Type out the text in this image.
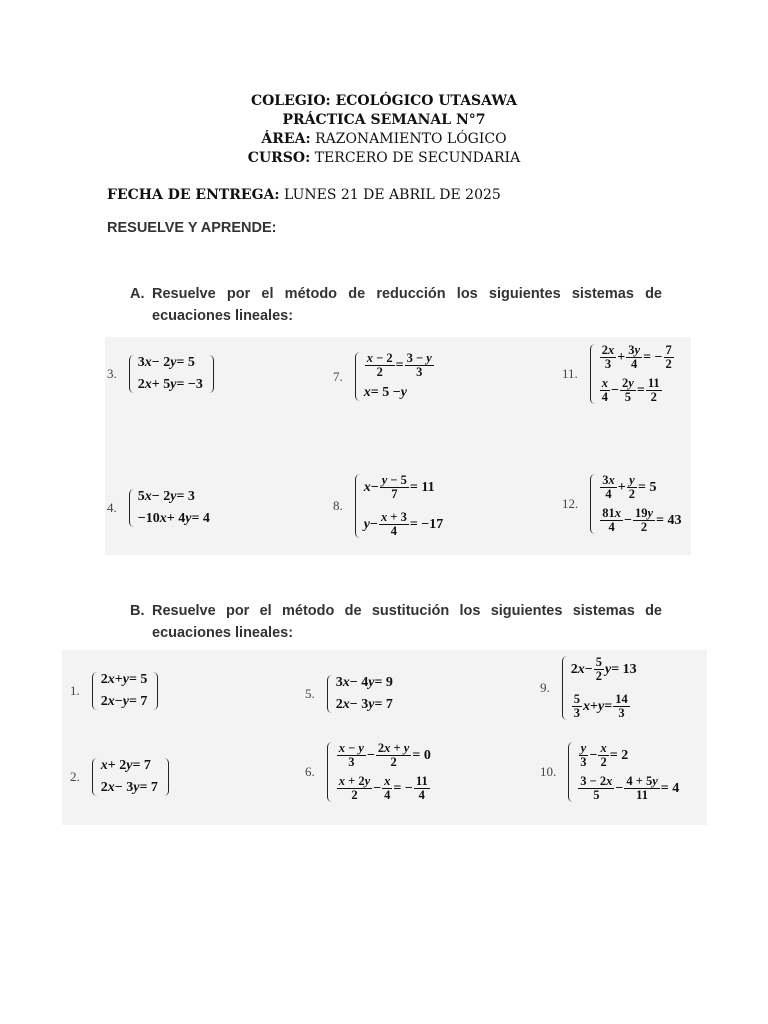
COLEGIO: ECOLÓGICO UTASAWA
PRÁCTICA SEMANAL N°7
ÁREA: RAZONAMIENTO LÓGICO
CURSO: TERCERO DE SECUNDARIA
FECHA DE ENTREGA: LUNES 21 DE ABRIL DE 2025
RESUELVE Y APRENDE:
A. Resuelve por el método de reducción los siguientes sistemas de
ecuaciones lineales:
3.
3 x − 2 y = 5
2 x + 5 y = −3
7. $\frac{x - 2}{2} = \frac{3 - y}{3}$
x = 5 − y
11.
$\frac{2x}{3} + \frac{3y}{4}$ = − $\frac{7}{2}$
$\frac{x}{4} - \frac{2y}{5} = \frac{11}{2}$
4.
5 x − 2 y = 3
−10 x + 4 y = 4
8.
$x - \frac{y - 5}{7} = 11$
$y - \frac{x + 3}{4} = -17$
12.
$\frac{3x}{4} + \frac{y}{2} = 5$
$\frac{81x}{4} - \frac{19y}{2} = 43$
B. Resuelve por el método de sustitución los siguientes sistemas de
ecuaciones lineales:
1.
2 x + y = 5
2 x − y = 7
5.
3 x − 4 y = 9
2 x − 3 y = 7
9.
2 $x - \frac{5}{2}$ y = 13
$\frac{5}{3}$ $x + y = \frac{14}{3}$
2.
x + 2 y = 7
2 x − 3 y = 7
6.
$\frac{x - y}{3} - \frac{2x + y}{2} = 0$
$\frac{x + 2y}{2} - \frac{x}{4}$ = − $\frac{11}{4}$
10.
$\frac{y}{3} - \frac{x}{2} = 2$
$\frac{3 - 2x}{5} - \frac{4 + 5y}{11} = 4$
